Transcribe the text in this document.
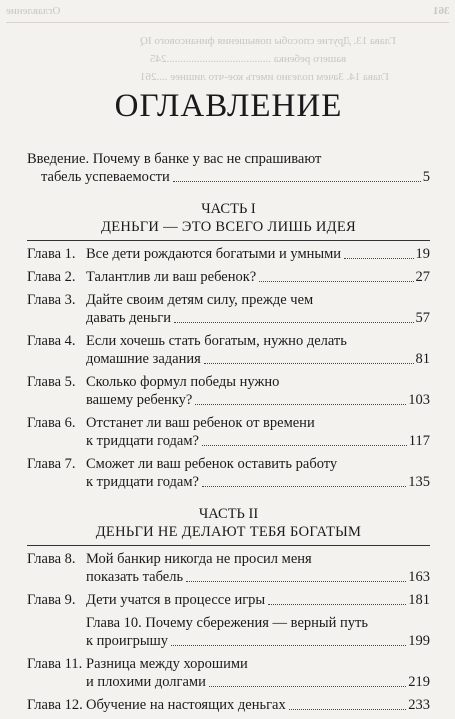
Оглавление	361
Глава 13. Другие способы повышения финансового IQ
вашего ребенка ......................................245
Глава 14. Зачем полезно иметь кое-что лишнее ....261
ОГЛАВЛЕНИЕ
Введение. Почему в банке у вас не спрашивают
табель успеваемости	5
ЧАСТЬ I
ДЕНЬГИ — ЭТО ВСЕГО ЛИШЬ ИДЕЯ
Глава 1. Все дети рождаются богатыми и умными	19
Глава 2. Талантлив ли ваш ребенок?	27
Глава 3. Дайте своим детям силу, прежде чем
давать деньги	57
Глава 4. Если хочешь стать богатым, нужно делать
домашние задания	81
Глава 5. Сколько формул победы нужно
вашему ребенку?	103
Глава 6. Отстанет ли ваш ребенок от времени
к тридцати годам?	117
Глава 7. Сможет ли ваш ребенок оставить работу
к тридцати годам?	135
ЧАСТЬ II
ДЕНЬГИ НЕ ДЕЛАЮТ ТЕБЯ БОГАТЫМ
Глава 8. Мой банкир никогда не просил меня
показать табель	163
Глава 9. Дети учатся в процессе игры	181
Глава 10. Почему сбережения — верный путь
к проигрышу	199
Глава 11. Разница между хорошими
и плохими долгами	219
Глава 12. Обучение на настоящих деньгах	233
